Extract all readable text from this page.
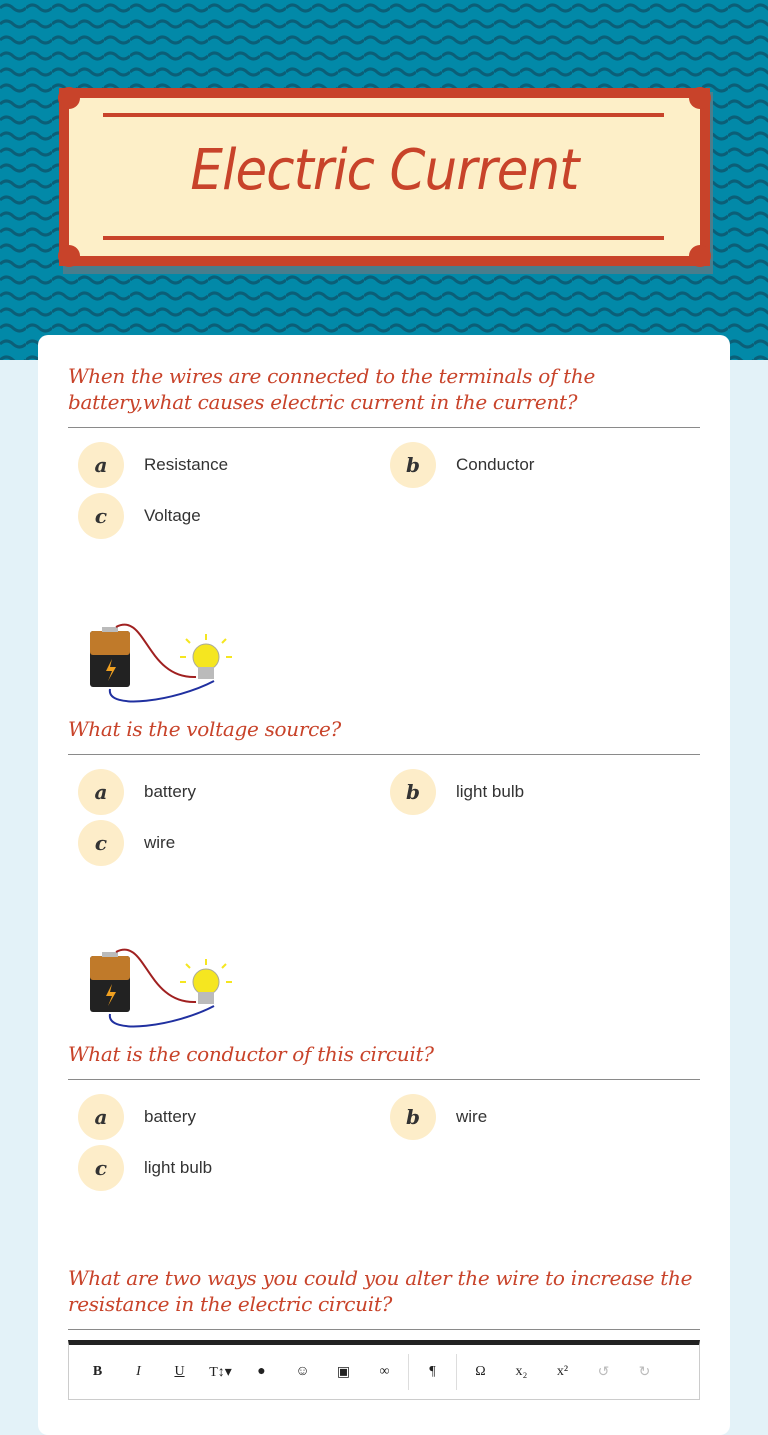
Electric Current
When the wires are connected to the terminals of the battery,what causes electric current in the current?
a	Resistance	b	Conductor
c	Voltage
What is the voltage source?
a	battery	b	light bulb
c	wire
What is the conductor of this circuit?
a	battery	b	wire
c	light bulb
What are two ways you could you alter the wire to increase the resistance in the electric circuit?
B	I	U	T↕▾	●	☺	▣	∞	¶	Ω	x₂	x²	↺	↻
